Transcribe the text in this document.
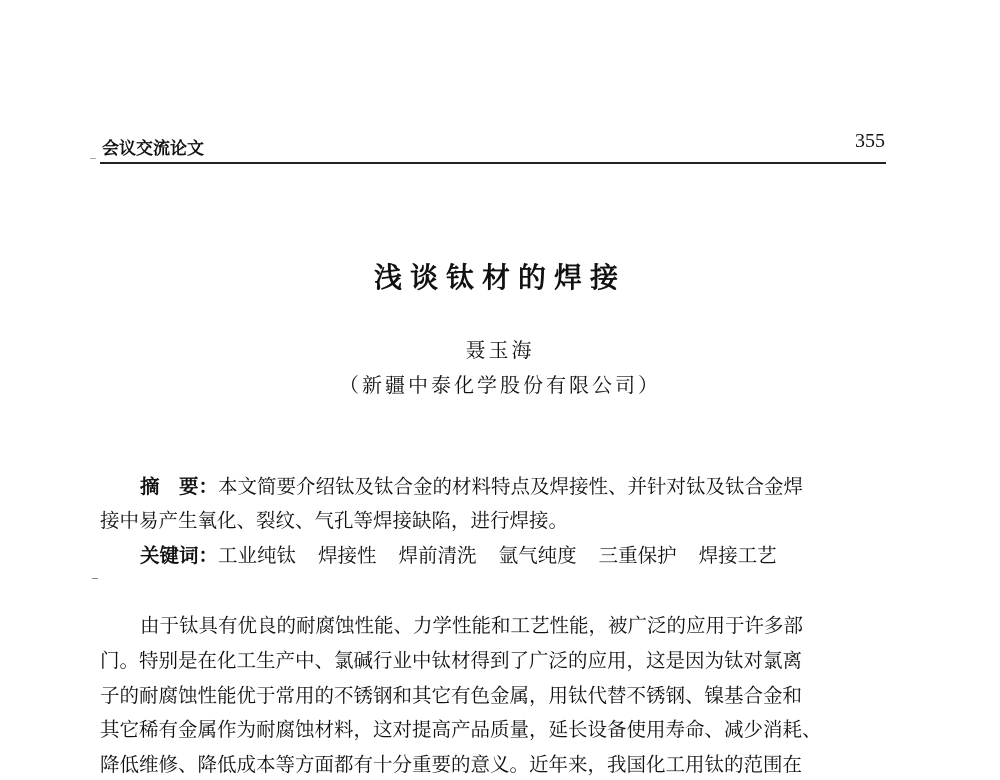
会议交流论文	355
浅谈钛材的焊接
聂玉海
（新疆中泰化学股份有限公司）
摘　要：本文简要介绍钛及钛合金的材料特点及焊接性、并针对钛及钛合金焊
接中易产生氧化、裂纹、气孔等焊接缺陷，进行焊接。
关键词：工业纯钛 焊接性 焊前清洗 氩气纯度 三重保护 焊接工艺
由于钛具有优良的耐腐蚀性能、力学性能和工艺性能，被广泛的应用于许多部
门。特别是在化工生产中、氯碱行业中钛材得到了广泛的应用，这是因为钛对氯离
子的耐腐蚀性能优于常用的不锈钢和其它有色金属，用钛代替不锈钢、镍基合金和
其它稀有金属作为耐腐蚀材料，这对提高产品质量，延长设备使用寿命、减少消耗、
降低维修、降低成本等方面都有十分重要的意义。近年来，我国化工用钛的范围在
